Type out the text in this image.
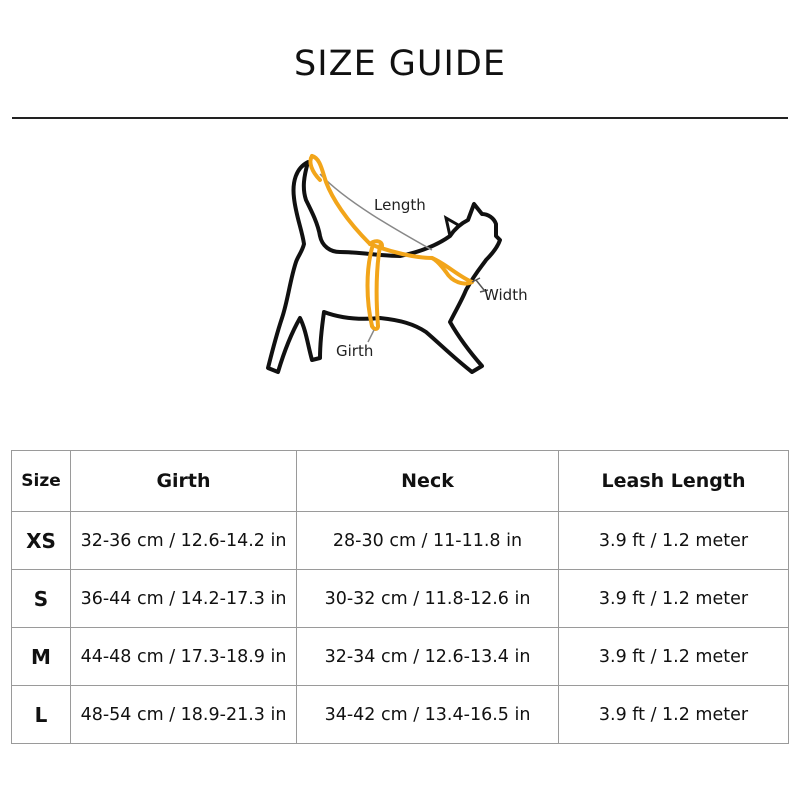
SIZE GUIDE
Length
Width
Girth
Size	Girth	Neck	Leash Length
XS	32-36 cm / 12.6-14.2 in	28-30 cm / 11-11.8 in	3.9 ft / 1.2 meter
S	36-44 cm / 14.2-17.3 in	30-32 cm / 11.8-12.6 in	3.9 ft / 1.2 meter
M	44-48 cm / 17.3-18.9 in	32-34 cm / 12.6-13.4 in	3.9 ft / 1.2 meter
L	48-54 cm / 18.9-21.3 in	34-42 cm / 13.4-16.5 in	3.9 ft / 1.2 meter
